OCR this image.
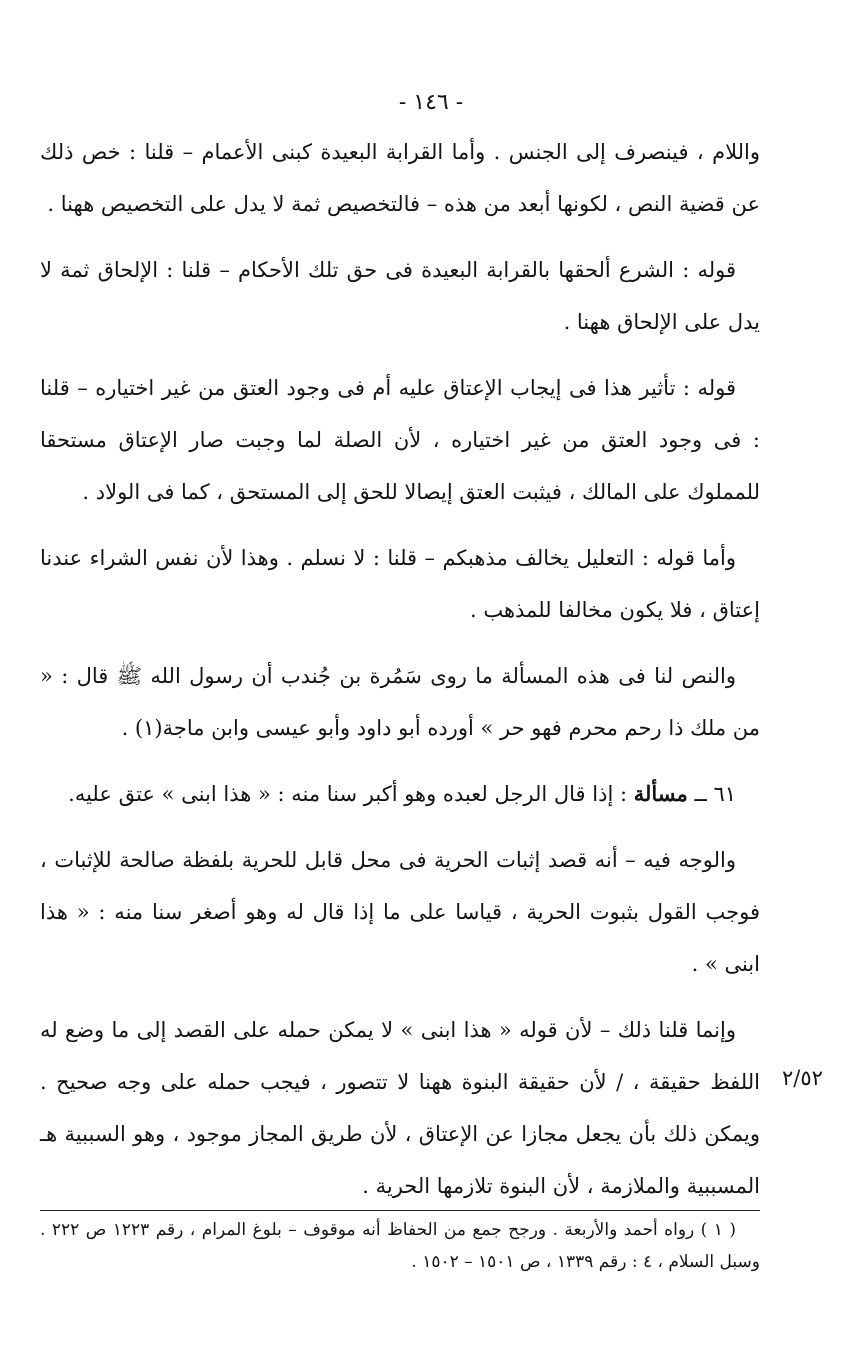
- ١٤٦ -

واللام ، فينصرف إلى الجنس . وأما القرابة البعيدة كبنى الأعمام – قلنا : خص ذلك عن قضية النص ، لكونها أبعد من هذه – فالتخصيص ثمة لا يدل على التخصيص ههنا .

قوله : الشرع ألحقها بالقرابة البعيدة فى حق تلك الأحكام – قلنا : الإلحاق ثمة لا يدل على الإلحاق ههنا .

قوله : تأثير هذا فى إيجاب الإعتاق عليه أم فى وجود العتق من غير اختياره – قلنا : فى وجود العتق من غير اختياره ، لأن الصلة لما وجبت صار الإعتاق مستحقا للمملوك على المالك ، فيثبت العتق إيصالا للحق إلى المستحق ، كما فى الولاد .

وأما قوله : التعليل يخالف مذهبكم – قلنا : لا نسلم . وهذا لأن نفس الشراء عندنا إعتاق ، فلا يكون مخالفا للمذهب .

والنص لنا فى هذه المسألة ما روى سَمُرة بن جُندب أن رسول الله ﷺ قال : « من ملك ذا رحم محرم فهو حر » أورده أبو داود وأبو عيسى وابن ماجة(١) .

٦١ ــ مسألة : إذا قال الرجل لعبده وهو أكبر سنا منه : « هذا ابنى » عتق عليه.

والوجه فيه – أنه قصد إثبات الحرية فى محل قابل للحرية بلفظة صالحة للإثبات ، فوجب القول بثبوت الحرية ، قياسا على ما إذا قال له وهو أصغر سنا منه : « هذا ابنى » .

وإنما قلنا ذلك – لأن قوله « هذا ابنى » لا يمكن حمله على القصد إلى ما وضع له اللفظ حقيقة ، / لأن حقيقة البنوة ههنا لا تتصور ، فيجب حمله على وجه صحيح . ويمكن ذلك بأن يجعل مجازا عن الإعتاق ، لأن طريق المجاز موجود ، وهو السببية هـ المسببية والملازمة ، لأن البنوة تلازمها الحرية .

٢/٥٢

( ١ ) رواه أحمد والأربعة . ورجح جمع من الحفاظ أنه موقوف – بلوغ المرام ، رقم ١٢٢٣ ص ٢٢٢ . وسبل السلام ، ٤ : رقم ١٣٣٩ ، ص ١٥٠١ – ١٥٠٢ .
